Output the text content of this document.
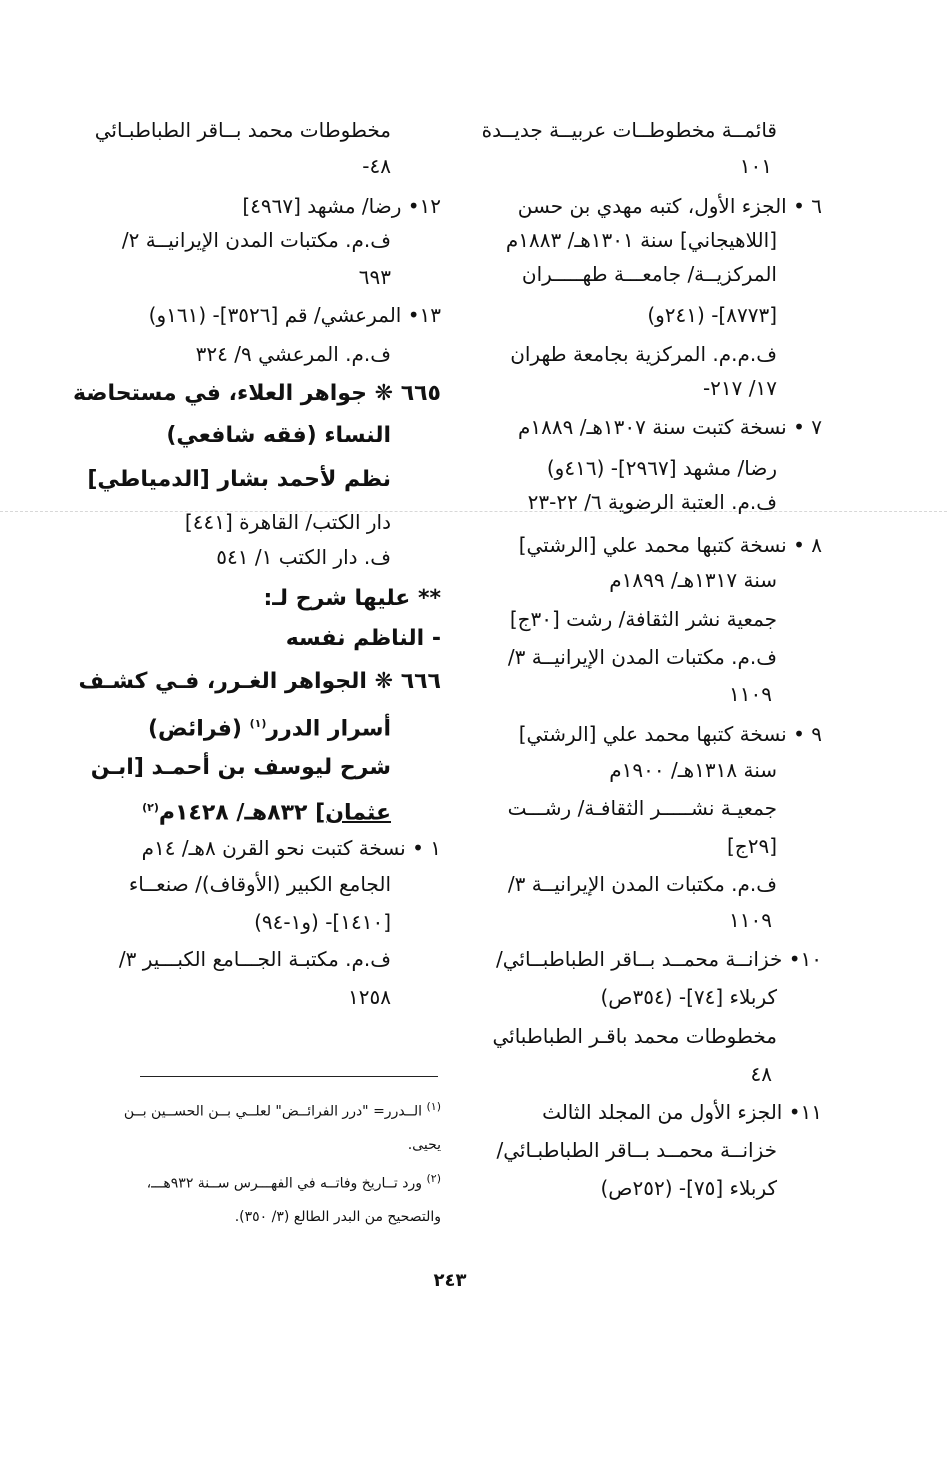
قائمــة مخطوطــات عربيــة جديــدة
١٠١
٦ • الجزء الأول، كتبه مهدي بن حسن
[اللاهيجاني] سنة ١٣٠١هـ/ ١٨٨٣م
المركزيــة/ جامعـــة طهـــــران
[٨٧٧٣]- (٢٤١و)
ف.م.م. المركزية بجامعة طهران
١٧/ ٢١٧-
٧ • نسخة كتبت سنة ١٣٠٧هـ/ ١٨٨٩م
رضا/ مشهد [٢٩٦٧]- (٤١٦و)
ف.م. العتبة الرضوية ٦/ ٢٢-٢٣
٨ • نسخة كتبها محمد علي [الرشتي]
سنة ١٣١٧هـ/ ١٨٩٩م
جمعية نشر الثقافة/ رشت [٣٠ج]
ف.م. مكتبات المدن الإيرانيــة ٣/
١١٠٩
٩ • نسخة كتبها محمد علي [الرشتي]
سنة ١٣١٨هـ/ ١٩٠٠م
جمعيـة نشـــــر الثقافـة/ رشـــت
[٢٩ج]
ف.م. مكتبات المدن الإيرانيــة ٣/
١١٠٩
١٠• خزانــة محمــد بــاقر الطباطبــائي/
كربلاء [٧٤]- (٣٥٤ص)
مخطوطات محمد باقـر الطباطبائي
٤٨
١١• الجزء الأول من المجلد الثالث
خزانــة محمــد بــاقر الطباطبـائي/
كربلاء [٧٥]- (٢٥٢ص)
مخطوطات محمد بــاقر الطباطبـائي
٤٨-
١٢• رضا/ مشهد [٤٩٦٧]
ف.م. مكتبات المدن الإيرانيــة ٢/
٦٩٣
١٣• المرعشي/ قم [٣٥٢٦]- (١٦١و)
ف.م. المرعشي ٩/ ٣٢٤
٦٦٥ ❋ جواهر العلاء، في مستحاضة
النساء (فقه شافعي)
نظم لأحمد بشار [الدمياطي]
دار الكتب/ القاهرة [٤٤١]
ف. دار الكتب ١/ ٥٤١
** عليها شرح لـ:
- الناظم نفسه
٦٦٦ ❋ الجواهر الغـرر، فـي كشـف
أسرار الدرر$^{(١)}$ (فرائض)
شرح ليوسف بن أحمـد [ابـن
عثمان] ٨٣٢هـ/ ١٤٢٨م$^{(٢)}$
١ • نسخة كتبت نحو القرن ٨هـ/ ١٤م
الجامع الكبير (الأوقاف)/ صنعــاء
[١٤١٠]- (و١-٩٤)
ف.م. مكتبـة الجـــامع الكبـــير ٣/
١٢٥٨
$^{(١)}$ الــدرر= "درر الفرائــض" لعلــي بــن الحســين بــن
يحيى.
$^{(٢)}$ ورد تــاريخ وفاتــه في الفهـــرس ســنة ٩٣٢هـــ،
والتصحيح من البدر الطالع (٣/ ٣٥٠).
٢٤٣
